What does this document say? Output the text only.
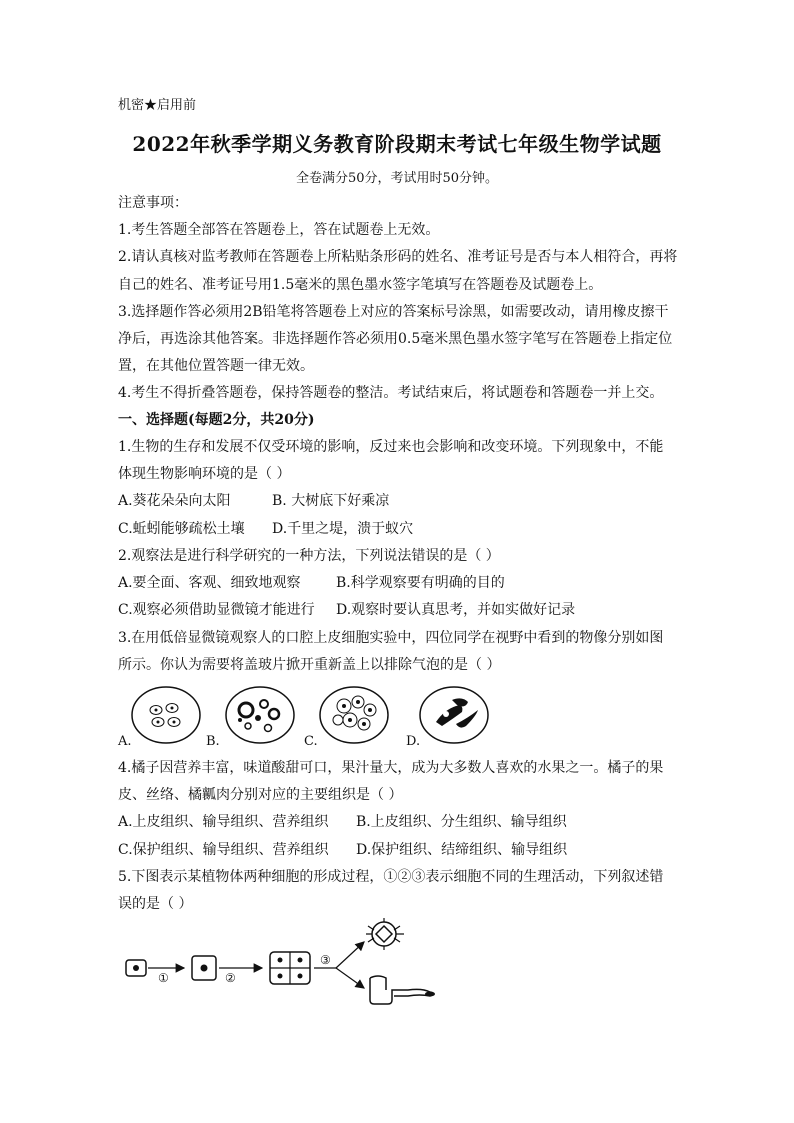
机密★启用前
2022年秋季学期义务教育阶段期末考试七年级生物学试题
全卷满分50分，考试用时50分钟。
注意事项：
1.考生答题全部答在答题卷上，答在试题卷上无效。
2.请认真核对监考教师在答题卷上所粘贴条形码的姓名、准考证号是否与本人相符合，再将
自己的姓名、准考证号用1.5毫米的黑色墨水签字笔填写在答题卷及试题卷上。
3.选择题作答必须用2B铅笔将答题卷上对应的答案标号涂黑，如需要改动，请用橡皮擦干
净后，再选涂其他答案。非选择题作答必须用0.5毫米黑色墨水签字笔写在答题卷上指定位
置，在其他位置答题一律无效。
4.考生不得折叠答题卷，保持答题卷的整洁。考试结束后，将试题卷和答题卷一并上交。
一、选择题(每题2分，共20分)
1.生物的生存和发展不仅受环境的影响，反过来也会影响和改变环境。下列现象中，不能
体现生物影响环境的是（ ）
A.葵花朵朵向太阳	B. 大树底下好乘凉
C.蚯蚓能够疏松土壤 D.千里之堤，溃于蚁穴
2.观察法是进行科学研究的一种方法，下列说法错误的是（ ）
A.要全面、客观、细致地观察	B.科学观察要有明确的目的
C.观察必须借助显微镜才能进行 D.观察时要认真思考，并如实做好记录
3.在用低倍显微镜观察人的口腔上皮细胞实验中，四位同学在视野中看到的物像分别如图
所示。你认为需要将盖玻片掀开重新盖上以排除气泡的是（ ）
A.	B.	C.	D.
4.橘子因营养丰富，味道酸甜可口，果汁量大，成为大多数人喜欢的水果之一。橘子的果
皮、丝络、橘瓤肉分别对应的主要组织是（ ）
A.上皮组织、输导组织、营养组织 B.上皮组织、分生组织、输导组织
C.保护组织、输导组织、营养组织 D.保护组织、结缔组织、输导组织
5.下图表示某植物体两种细胞的形成过程，①②③表示细胞不同的生理活动，下列叙述错
误的是（ ）
①	②
③
